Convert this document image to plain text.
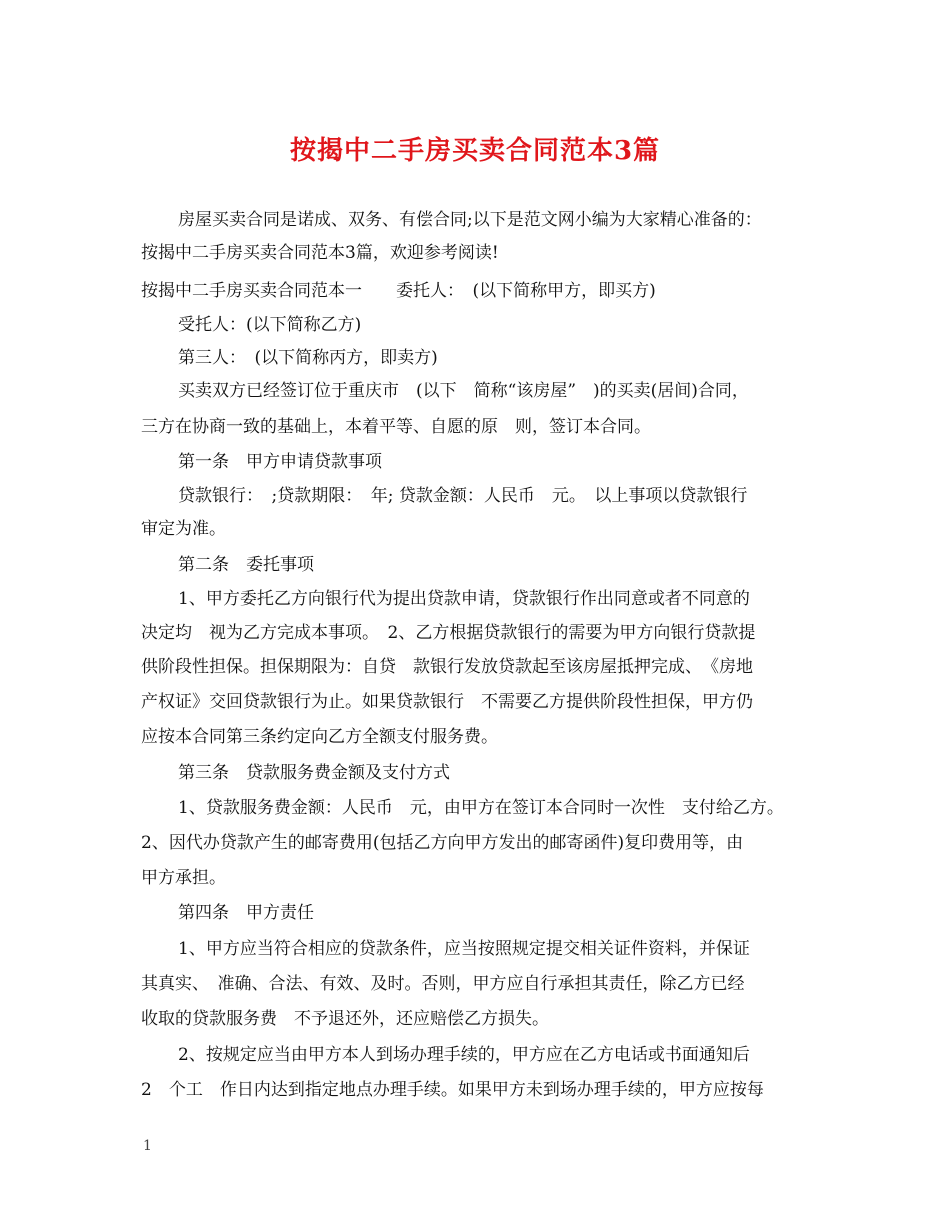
按揭中二手房买卖合同范本3篇
房屋买卖合同是诺成、双务、有偿合同;以下是范文网小编为大家精心准备的：
按揭中二手房买卖合同范本3篇，欢迎参考阅读!
按揭中二手房买卖合同范本一　　委托人：　(以下简称甲方，即买方)
受托人：(以下简称乙方)
第三人：　(以下简称丙方，即卖方)
买卖双方已经签订位于重庆市　(以下　简称“该房屋”　)的买卖(居间)合同，
三方在协商一致的基础上，本着平等、自愿的原　则，签订本合同。
第一条　甲方申请贷款事项
贷款银行：　;贷款期限：　年; 贷款金额：人民币　元。　以上事项以贷款银行
审定为准。
第二条　委托事项
1、甲方委托乙方向银行代为提出贷款申请，贷款银行作出同意或者不同意的
决定均　视为乙方完成本事项。　2、乙方根据贷款银行的需要为甲方向银行贷款提
供阶段性担保。担保期限为：自贷　款银行发放贷款起至该房屋抵押完成、　《房地
产权证》交回贷款银行为止。如果贷款银行　不需要乙方提供阶段性担保，甲方仍
应按本合同第三条约定向乙方全额支付服务费。
第三条　贷款服务费金额及支付方式
1、贷款服务费金额：人民币　元，由甲方在签订本合同时一次性　支付给乙方。
2、因代办贷款产生的邮寄费用(包括乙方向甲方发出的邮寄函件)复印费用等，由
甲方承担。
第四条　甲方责任
1、甲方应当符合相应的贷款条件，应当按照规定提交相关证件资料，并保证
其真实、　准确、合法、有效、及时。否则，甲方应自行承担其责任，除乙方已经
收取的贷款服务费　不予退还外，还应赔偿乙方损失。
2、按规定应当由甲方本人到场办理手续的，甲方应在乙方电话或书面通知后
2　个工　作日内达到指定地点办理手续。如果甲方未到场办理手续的，甲方应按每
1
